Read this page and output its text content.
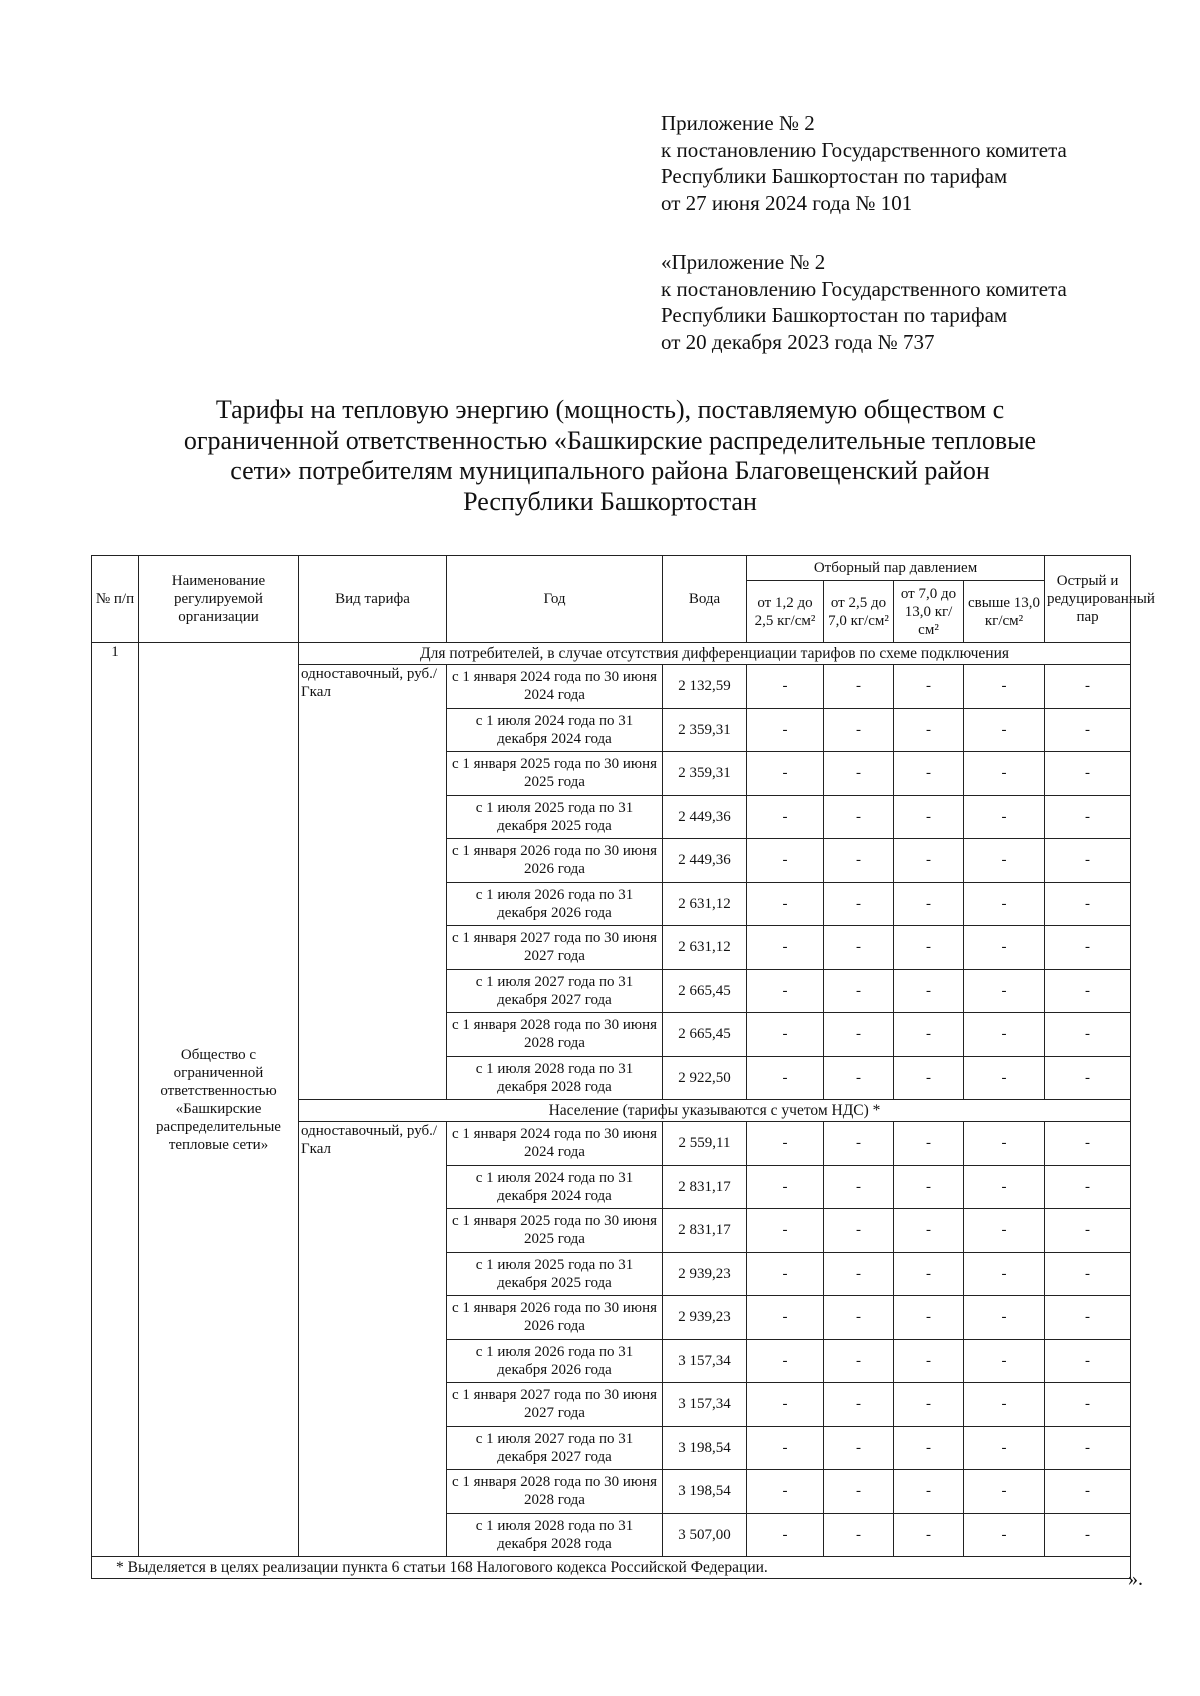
Приложение № 2
к постановлению Государственного комитета
Республики Башкортостан по тарифам
от 27 июня 2024 года № 101
«Приложение № 2
к постановлению Государственного комитета
Республики Башкортостан по тарифам
от 20 декабря 2023 года № 737
Тарифы на тепловую энергию (мощность), поставляемую обществом с
ограниченной ответственностью «Башкирские распределительные тепловые
сети» потребителям муниципального района Благовещенский район
Республики Башкортостан
№ п/п	Наименование регулируемой организации	Вид тарифа	Год	Вода	Отборный пар давлением				Острый и редуцированный пар
					от 1,2 до 2,5 кг/см²	от 2,5 до 7,0 кг/см²	от 7,0 до 13,0 кг/см²	свыше 13,0 кг/см²	
1	Общество с ограниченной ответственностью «Башкирские распределительные тепловые сети»	Для потребителей, в случае отсутствия дифференциации тарифов по схеме подключения							
		одноставочный, руб./Гкал	с 1 января 2024 года по 30 июня 2024 года	2 132,59	-	-	-	-	-
			с 1 июля 2024 года по 31 декабря 2024 года	2 359,31	-	-	-	-	-
			с 1 января 2025 года по 30 июня 2025 года	2 359,31	-	-	-	-	-
			с 1 июля 2025 года по 31 декабря 2025 года	2 449,36	-	-	-	-	-
			с 1 января 2026 года по 30 июня 2026 года	2 449,36	-	-	-	-	-
			с 1 июля 2026 года по 31 декабря 2026 года	2 631,12	-	-	-	-	-
			с 1 января 2027 года по 30 июня 2027 года	2 631,12	-	-	-	-	-
			с 1 июля 2027 года по 31 декабря 2027 года	2 665,45	-	-	-	-	-
			с 1 января 2028 года по 30 июня 2028 года	2 665,45	-	-	-	-	-
			с 1 июля 2028 года по 31 декабря 2028 года	2 922,50	-	-	-	-	-
		Население (тарифы указываются с учетом НДС) *							
		одноставочный, руб./Гкал	с 1 января 2024 года по 30 июня 2024 года	2 559,11	-	-	-	-	-
			с 1 июля 2024 года по 31 декабря 2024 года	2 831,17	-	-	-	-	-
			с 1 января 2025 года по 30 июня 2025 года	2 831,17	-	-	-	-	-
			с 1 июля 2025 года по 31 декабря 2025 года	2 939,23	-	-	-	-	-
			с 1 января 2026 года по 30 июня 2026 года	2 939,23	-	-	-	-	-
			с 1 июля 2026 года по 31 декабря 2026 года	3 157,34	-	-	-	-	-
			с 1 января 2027 года по 30 июня 2027 года	3 157,34	-	-	-	-	-
			с 1 июля 2027 года по 31 декабря 2027 года	3 198,54	-	-	-	-	-
			с 1 января 2028 года по 30 июня 2028 года	3 198,54	-	-	-	-	-
			с 1 июля 2028 года по 31 декабря 2028 года	3 507,00	-	-	-	-	-
* Выделяется в целях реализации пункта 6 статьи 168 Налогового кодекса Российской Федерации.									
».
